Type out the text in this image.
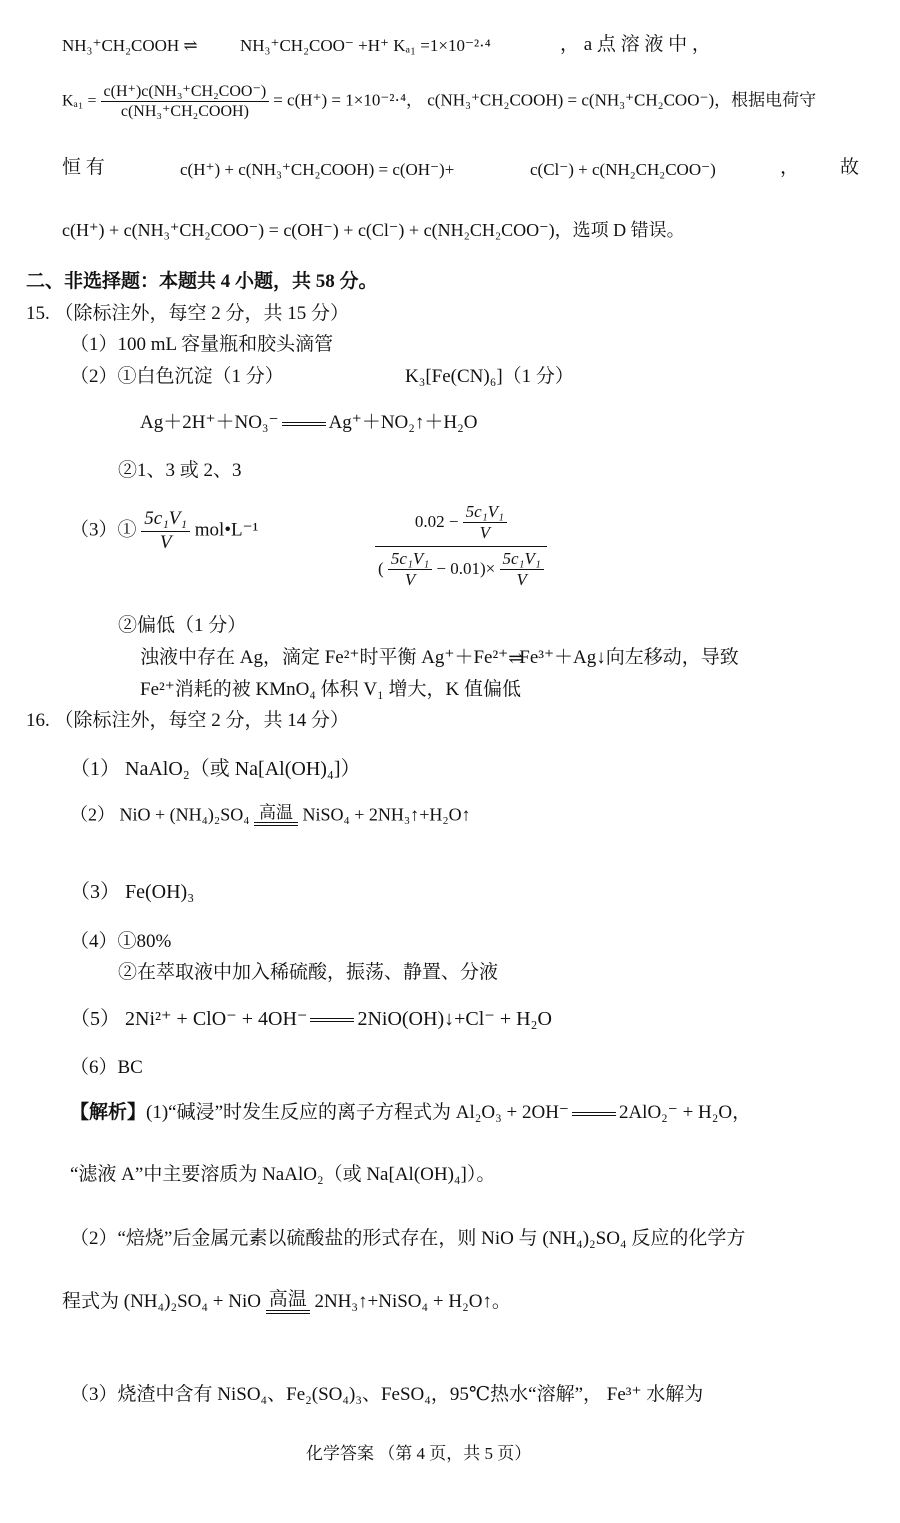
NH₃⁺CH₂COOH ⇌ NH₃⁺CH₂COO⁻ +H⁺ Kₐ₁ =1×10⁻²·⁴	， a 点 溶 液 中 ，
$K_{a1} = \frac{\text{c(H⁺)c(NH₃⁺CH₂COO⁻)}}{\text{c(NH₃⁺CH₂COOH)}} = c(H^+) = 1\times 10^{-2}\cdot^4$， c(NH₃⁺CH₂COOH) = c(NH₃⁺CH₂COO⁻)，根据电荷守
恒 有	c(H⁺) + c(NH₃⁺CH₂COOH) = c(OH⁻)+	c(Cl⁻) + c(NH₂CH₂COO⁻)	， 故
c(H⁺) + c(NH₃⁺CH₂COO⁻) = c(OH⁻) + c(Cl⁻) + c(NH₂CH₂COO⁻)，选项 D 错误。
二、非选择题：本题共 4 小题，共 58 分。
15. （除标注外，每空 2 分，共 15 分）
（1）100 mL 容量瓶和胶头滴管
（2）①白色沉淀（1 分）	K₃[Fe(CN)₆]（1 分）
Ag＋2H⁺＋NO₃⁻	Ag⁺＋NO₂↑＋H₂O
②1、3 或 2、3
（3）① $\frac{\text{5c₁V₁}}{V}$ mol•L⁻¹	$0.02 - \frac{\text{5c₁V₁}}{V}$
( $\frac{\text{5c₁V₁}}{V} - 0.01)\times \frac{\text{5c₁V₁}}{V}$
②偏低（1 分）
浊液中存在 Ag，滴定 Fe²⁺时平衡 Ag⁺＋Fe²⁺⇌Fe³⁺＋Ag↓向左移动，导致
Fe²⁺消耗的被 KMnO₄ 体积 V₁ 增大，K 值偏低
16. （除标注外，每空 2 分，共 14 分）
（1） NaAlO₂（或 Na[Al(OH)₄]）
（2） NiO + (NH₄)₂SO₄ 高温 NiSO₄ + 2NH₃↑+H₂O↑
（3） Fe(OH)₃
（4）①80%
②在萃取液中加入稀硫酸，振荡、静置、分液
（5） 2Ni²⁺ + ClO⁻ + 4OH⁻	2NiO(OH)↓+Cl⁻ + H₂O
（6）BC
【解析】(1)“碱浸”时发生反应的离子方程式为 Al₂O₃ + 2OH⁻	2AlO₂⁻ + H₂O，
“滤液 A”中主要溶质为 NaAlO₂（或 Na[Al(OH)₄]）。
（2）“焙烧”后金属元素以硫酸盐的形式存在，则 NiO 与 (NH₄)₂SO₄ 反应的化学方
程式为 (NH₄)₂SO₄ + NiO 高温 2NH₃↑+NiSO₄ + H₂O↑。
（3）烧渣中含有 NiSO₄、Fe₂(SO₄)₃、FeSO₄，95℃热水“溶解”， Fe³⁺ 水解为
化学答案 （第 4 页，共 5 页）
